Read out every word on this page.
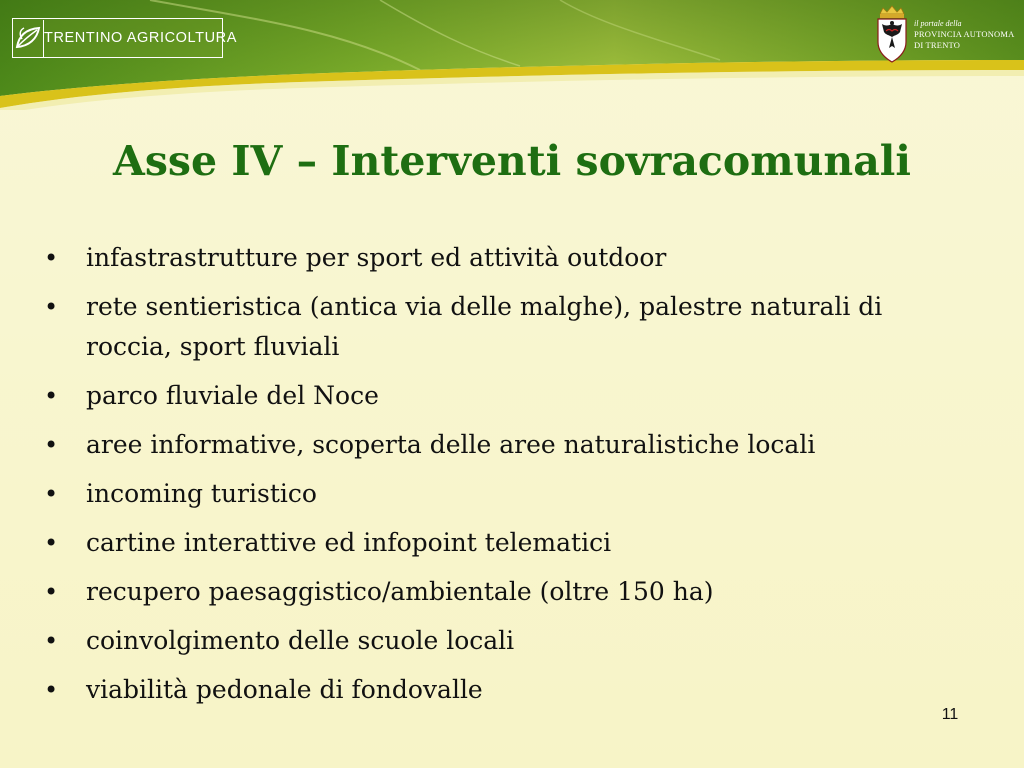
TRENTINO AGRICOLTURA
il portale della
PROVINCIA AUTONOMA
DI TRENTO
Asse IV – Interventi sovracomunali
• infastrastrutture per sport ed attività outdoor
• rete sentieristica (antica via delle malghe), palestre naturali di roccia, sport fluviali
• parco fluviale del Noce
• aree informative, scoperta delle aree naturalistiche locali
• incoming turistico
• cartine interattive ed infopoint telematici
• recupero paesaggistico/ambientale (oltre 150 ha)
• coinvolgimento delle scuole locali
• viabilità pedonale di fondovalle
11
